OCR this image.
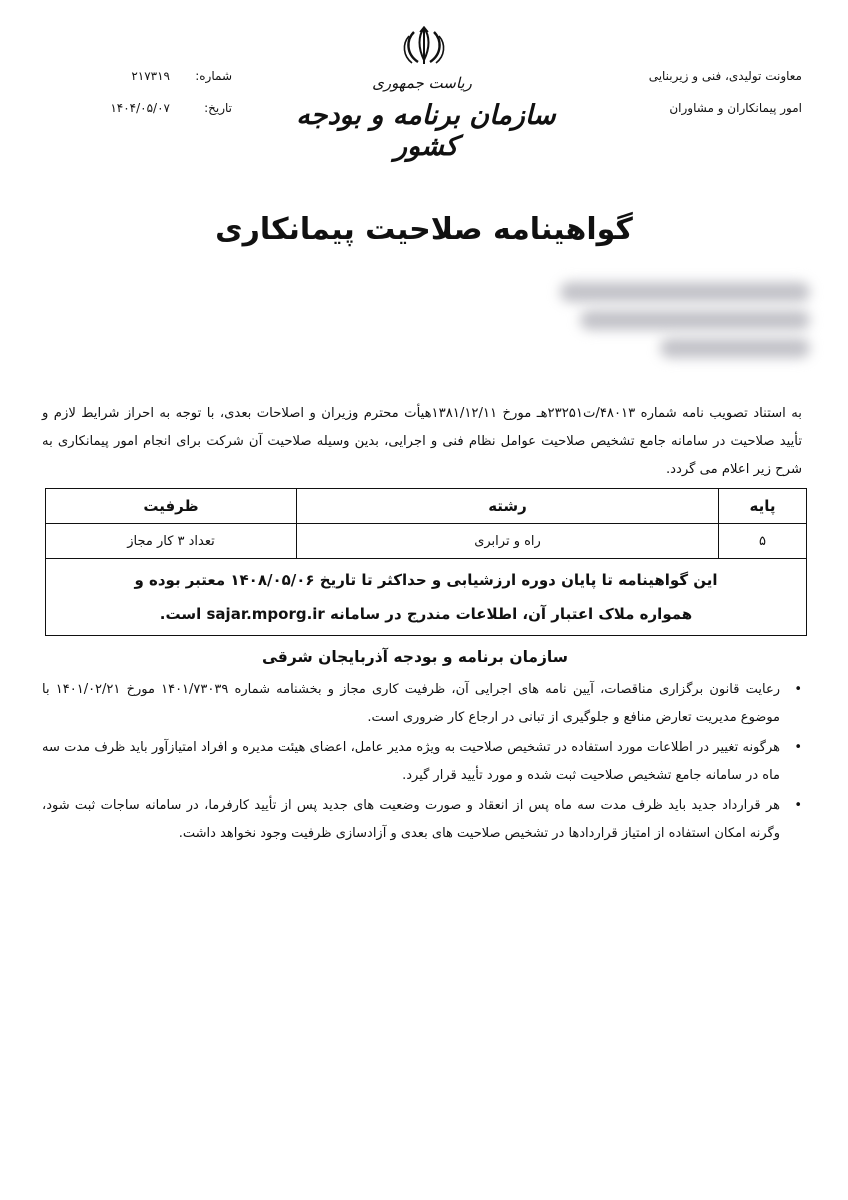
معاونت تولیدی، فنی و زیربنایی
امور پیمانکاران و مشاوران
ریاست جمهوری
سازمان برنامه و بودجه کشور
شماره:
۲۱۷۳۱۹
تاریخ:
۱۴۰۴/۰۵/۰۷
گواهینامه صلاحیت پیمانکاری

به استناد تصویب نامه شماره ۴۸۰۱۳/ت۲۳۲۵۱هـ مورخ ۱۳۸۱/۱۲/۱۱هیأت محترم وزیران و اصلاحات بعدی، با توجه به احراز شرایط لازم و تأیید صلاحیت در سامانه جامع تشخیص صلاحیت عوامل نظام فنی و اجرایی، بدین وسیله صلاحیت آن شرکت برای انجام امور پیمانکاری به شرح زیر اعلام می گردد.

پایه	رشته	ظرفیت
۵	راه و ترابری	تعداد ۳ کار مجاز

این گواهینامه تا پایان دوره ارزشیابی و حداکثر تا تاریخ ۱۴۰۸/۰۵/۰۶ معتبر بوده و
همواره ملاک اعتبار آن، اطلاعات مندرج در سامانه sajar.mporg.ir است.		
سازمان برنامه و بودجه آذربایجان شرقی
• رعایت قانون برگزاری مناقصات، آیین نامه های اجرایی آن، ظرفیت کاری مجاز و بخشنامه شماره ۱۴۰۱/۷۳۰۳۹ مورخ ۱۴۰۱/۰۲/۲۱ با موضوع مدیریت تعارض منافع و جلوگیری از تبانی در ارجاع کار ضروری است.
• هرگونه تغییر در اطلاعات مورد استفاده در تشخیص صلاحیت به ویژه مدیر عامل، اعضای هیئت مدیره و افراد امتیازآور باید ظرف مدت سه ماه در سامانه جامع تشخیص صلاحیت ثبت شده و مورد تأیید قرار گیرد.
• هر قرارداد جدید باید ظرف مدت سه ماه پس از انعقاد و صورت وضعیت های جدید پس از تأیید کارفرما، در سامانه ساجات ثبت شود، وگرنه امکان استفاده از امتیاز قراردادها در تشخیص صلاحیت های بعدی و آزادسازی ظرفیت وجود نخواهد داشت.
